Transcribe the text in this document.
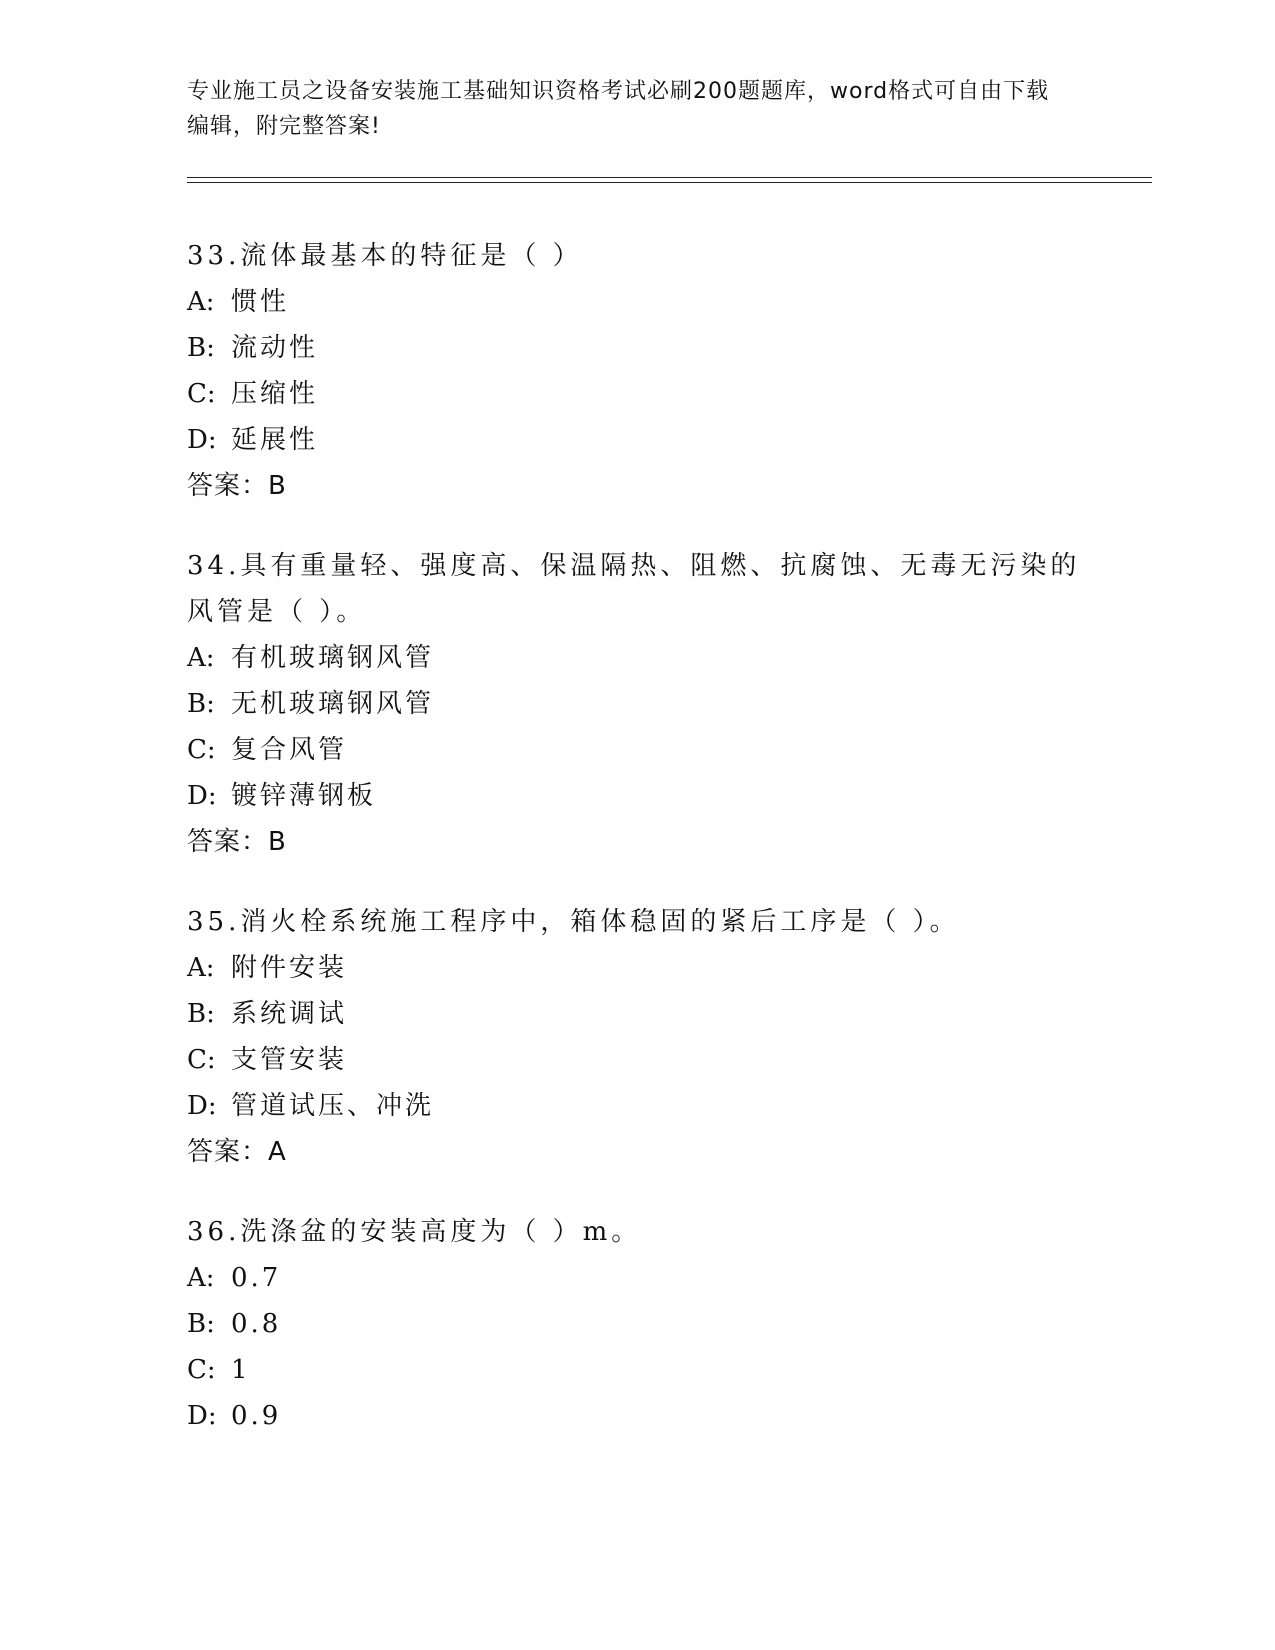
专业施工员之设备安装施工基础知识资格考试必刷200题题库，word格式可自由下载编辑，附完整答案!
33.流体最基本的特征是（ ）
A: 惯性
B: 流动性
C: 压缩性
D: 延展性
答案：B
34.具有重量轻、强度高、保温隔热、阻燃、抗腐蚀、无毒无污染的风管是（ ）。
A: 有机玻璃钢风管
B: 无机玻璃钢风管
C: 复合风管
D: 镀锌薄钢板
答案：B
35.消火栓系统施工程序中，箱体稳固的紧后工序是（ ）。
A: 附件安装
B: 系统调试
C: 支管安装
D: 管道试压、冲洗
答案：A
36.洗涤盆的安装高度为（ ）m。
A: 0.7
B: 0.8
C: 1
D: 0.9
